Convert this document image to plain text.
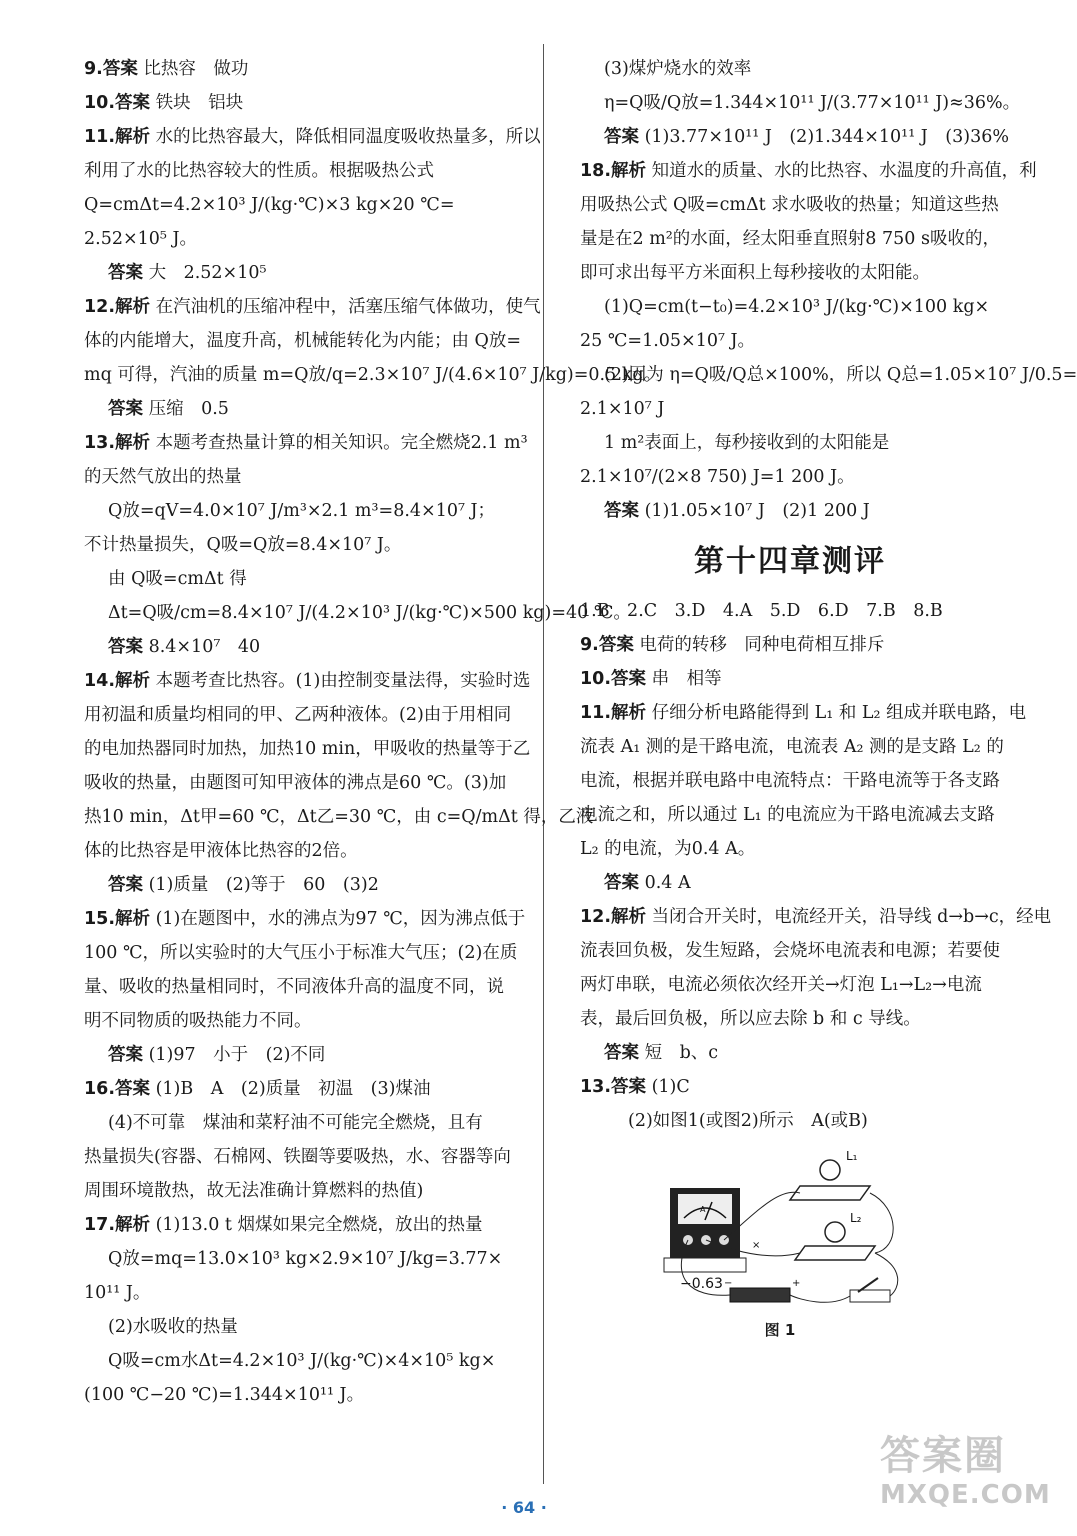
9.答案 比热容　做功
10.答案 铁块　铝块
11.解析 水的比热容最大，降低相同温度吸收热量多，所以
利用了水的比热容较大的性质。根据吸热公式
Q=cmΔt=4.2×10³ J/(kg·℃)×3 kg×20 ℃=
2.52×10⁵ J。
答案 大　2.52×10⁵
12.解析 在汽油机的压缩冲程中，活塞压缩气体做功，使气
体的内能增大，温度升高，机械能转化为内能；由 Q放=
mq 可得，汽油的质量 m=Q放/q=2.3×10⁷ J/(4.6×10⁷ J/kg)=0.5 kg。
答案 压缩　0.5
13.解析 本题考查热量计算的相关知识。完全燃烧2.1 m³
的天然气放出的热量
Q放=qV=4.0×10⁷ J/m³×2.1 m³=8.4×10⁷ J；
不计热量损失，Q吸=Q放=8.4×10⁷ J。
由 Q吸=cmΔt 得
Δt=Q吸/cm=8.4×10⁷ J/(4.2×10³ J/(kg·℃)×500 kg)=40 ℃。
答案 8.4×10⁷　40
14.解析 本题考查比热容。(1)由控制变量法得，实验时选
用初温和质量均相同的甲、乙两种液体。(2)由于用相同
的电加热器同时加热，加热10 min，甲吸收的热量等于乙
吸收的热量，由题图可知甲液体的沸点是60 ℃。(3)加
热10 min，Δt甲=60 ℃，Δt乙=30 ℃，由 c=Q/mΔt 得，乙液
体的比热容是甲液体比热容的2倍。
答案 (1)质量　(2)等于　60　(3)2
15.解析 (1)在题图中，水的沸点为97 ℃，因为沸点低于
100 ℃，所以实验时的大气压小于标准大气压；(2)在质
量、吸收的热量相同时，不同液体升高的温度不同，说
明不同物质的吸热能力不同。
答案 (1)97　小于　(2)不同
16.答案 (1)B　A　(2)质量　初温　(3)煤油
(4)不可靠　煤油和菜籽油不可能完全燃烧，且有
热量损失(容器、石棉网、铁圈等要吸热，水、容器等向
周围环境散热，故无法准确计算燃料的热值)
17.解析 (1)13.0 t 烟煤如果完全燃烧，放出的热量
Q放=mq=13.0×10³ kg×2.9×10⁷ J/kg=3.77×
10¹¹ J。
(2)水吸收的热量
Q吸=cm水Δt=4.2×10³ J/(kg·℃)×4×10⁵ kg×
(100 ℃−20 ℃)=1.344×10¹¹ J。
(3)煤炉烧水的效率
η=Q吸/Q放=1.344×10¹¹ J/(3.77×10¹¹ J)≈36%。
答案 (1)3.77×10¹¹ J　(2)1.344×10¹¹ J　(3)36%
18.解析 知道水的质量、水的比热容、水温度的升高值，利
用吸热公式 Q吸=cmΔt 求水吸收的热量；知道这些热
量是在2 m²的水面，经太阳垂直照射8 750 s吸收的，
即可求出每平方米面积上每秒接收的太阳能。
(1)Q=cm(t−t₀)=4.2×10³ J/(kg·℃)×100 kg×
25 ℃=1.05×10⁷ J。
(2)因为 η=Q吸/Q总×100%，所以 Q总=1.05×10⁷ J/0.5=
2.1×10⁷ J
1 m²表面上，每秒接收到的太阳能是
2.1×10⁷/(2×8 750) J=1 200 J。
答案 (1)1.05×10⁷ J　(2)1 200 J
第十四章测评
1.B　2.C　3.D　4.A　5.D　6.D　7.B　8.B
9.答案 电荷的转移　同种电荷相互排斥
10.答案 串　相等
11.解析 仔细分析电路能得到 L₁ 和 L₂ 组成并联电路，电
流表 A₁ 测的是干路电流，电流表 A₂ 测的是支路 L₂ 的
电流，根据并联电路中电流特点：干路电流等于各支路
电流之和，所以通过 L₁ 的电流应为干路电流减去支路
L₂ 的电流，为0.4 A。
答案 0.4 A
12.解析 当闭合开关时，电流经开关，沿导线 d→b→c，经电
流表回负极，发生短路，会烧坏电流表和电源；若要使
两灯串联，电流必须依次经开关→灯泡 L₁→L₂→电流
表，最后回负极，所以应去除 b 和 c 导线。
答案 短　b、c
13.答案 (1)C
(2)如图1(或图2)所示　A(或B)
A
−0.63
L₁
L₂
−	+
×
图 1
· 64 ·
答案圈
MXQE.COM
